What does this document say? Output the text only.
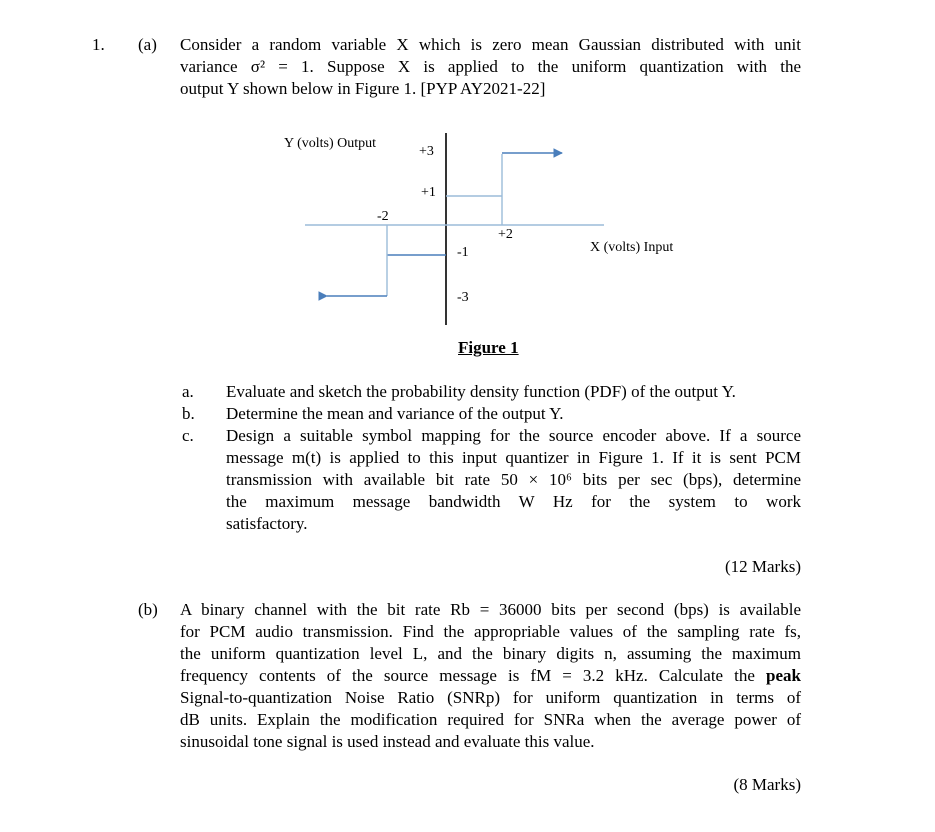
1. (a) Consider a random variable X which is zero mean Gaussian distributed with unit
variance σ² = 1. Suppose X is applied to the uniform quantization with the
output Y shown below in Figure 1. [PYP AY2021-22]
Y (volts) Output
+3
+1
-2
+2
-1
-3
X (volts) Input
Figure 1
a. Evaluate and sketch the probability density function (PDF) of the output Y.
b. Determine the mean and variance of the output Y.
c. Design a suitable symbol mapping for the source encoder above. If a source
message m(t) is applied to this input quantizer in Figure 1. If it is sent PCM
transmission with available bit rate 50 × 10⁶ bits per sec (bps), determine
the maximum message bandwidth W Hz for the system to work
satisfactory.
(12 Marks)
(b) A binary channel with the bit rate Rb = 36000 bits per second (bps) is available
for PCM audio transmission. Find the appropriable values of the sampling rate fs,
the uniform quantization level L, and the binary digits n, assuming the maximum
frequency contents of the source message is fM = 3.2 kHz. Calculate the peak
Signal-to-quantization Noise Ratio (SNRp) for uniform quantization in terms of
dB units. Explain the modification required for SNRa when the average power of
sinusoidal tone signal is used instead and evaluate this value.
(8 Marks)
